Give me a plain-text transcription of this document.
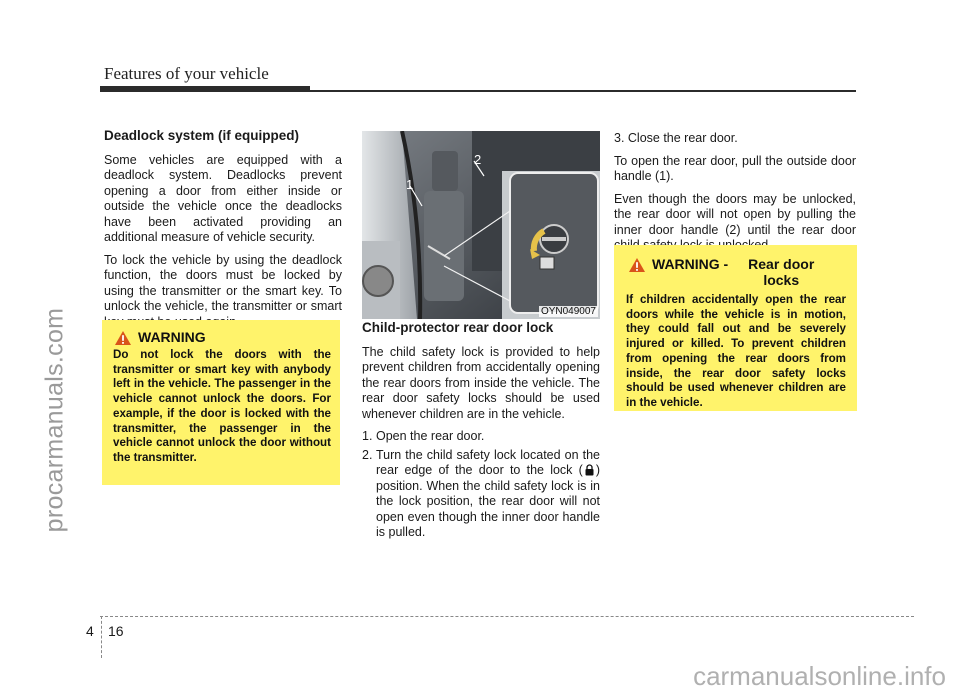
Features of your vehicle
procarmanuals.com
Deadlock system (if equipped)

Some vehicles are equipped with a deadlock system. Deadlocks prevent opening a door from either inside or outside the vehicle once the deadlocks have been activated providing an additional measure of vehicle security.

To lock the vehicle by using the deadlock function, the doors must be locked by using the transmitter or the smart key. To unlock the vehicle, the transmitter or smart

WARNING
Do not lock the doors with the transmitter or smart key with anybody left in the vehicle. The passenger in the vehicle cannot unlock the doors. For example, if the door is locked with the transmitter, the passenger in the vehicle cannot unlock the door without the transmitter.
1
2
OYN049007
Child-protector rear door lock

The child safety lock is provided to help prevent children from accidentally opening the rear doors from inside the vehicle. The rear door safety locks should be used whenever children are in the vehicle.

1. Open the rear door.
2. Turn the child safety lock located on the rear edge of the door to the lock ( ) position. When the child safety lock is in the lock position, the rear door will not open even though the inner door handle is pulled.

3. Close the rear door.

To open the rear door, pull the outside door handle (1).

Even though the doors may be unlocked, the rear door will not open by pulling the inner door handle (2) until the rear door

WARNING -	Rear door locks
If children accidentally open the rear doors while the vehicle is in motion, they could fall out and be severely injured or killed. To prevent children from opening the rear doors from inside, the rear door safety locks should be used whenever children are in the vehicle.
4 16
carmanualsonline.info
